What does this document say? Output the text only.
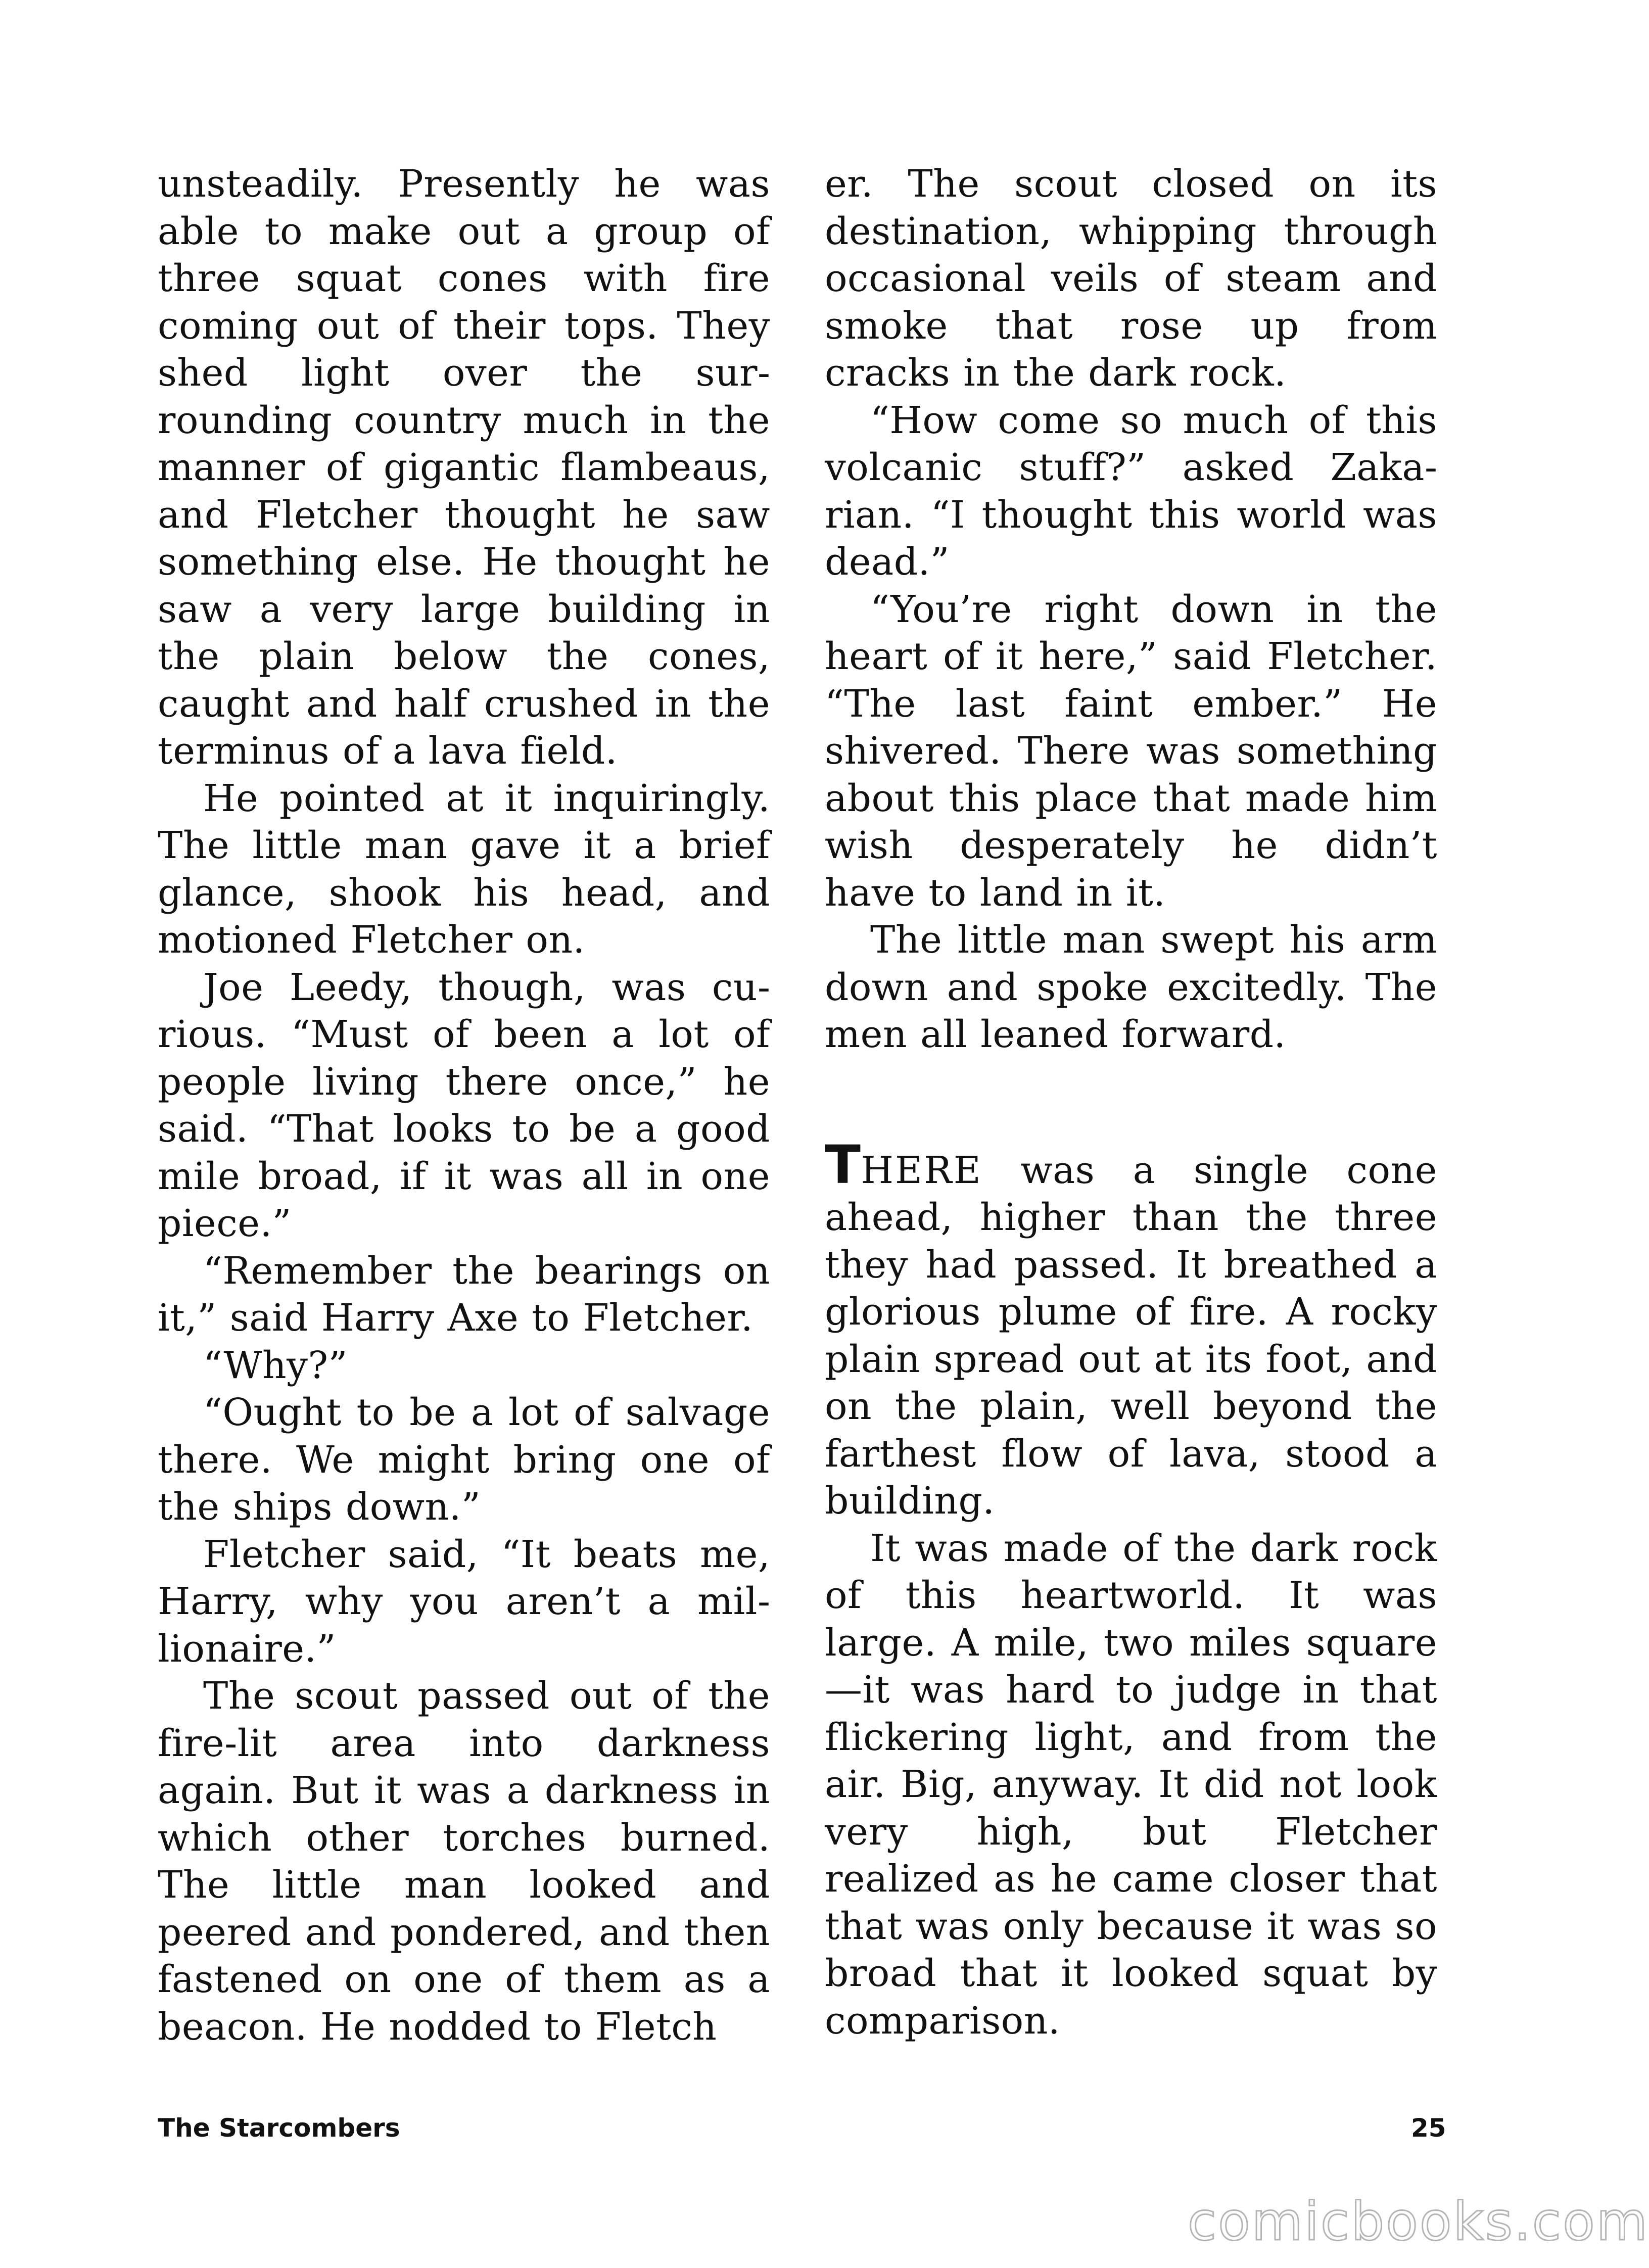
unsteadily. Presently he was able to make out a group of three squat cones with fire coming out of their tops. They shed light over the surrounding country much in the manner of gigantic flambeaus, and Fletcher thought he saw something else. He thought he saw a very large building in the plain below the cones, caught and half crushed in the terminus of a lava field.

He pointed at it inquiringly. The little man gave it a brief glance, shook his head, and motioned Fletcher on.

Joe Leedy, though, was curious. “Must of been a lot of people living there once,” he said. “That looks to be a good mile broad, if it was all in one piece.”

“Remember the bearings on it,” said Harry Axe to Fletcher.

“Why?”

“Ought to be a lot of salvage there. We might bring one of the ships down.”

Fletcher said, “It beats me, Harry, why you aren’t a millionaire.”

The scout passed out of the fire-lit area into darkness again. But it was a darkness in which other torches burned. The little man looked and peered and pondered, and then fastened on one of them as a beacon. He nodded to Fletch

er. The scout closed on its destination, whipping through occasional veils of steam and smoke that rose up from cracks in the dark rock.

“How come so much of this volcanic stuff?” asked Zakarian. “I thought this world was dead.”

“You’re right down in the heart of it here,” said Fletcher. “The last faint ember.” He shivered. There was something about this place that made him wish desperately he didn’t have to land in it.

The little man swept his arm down and spoke excitedly. The men all leaned forward.

THERE was a single cone ahead, higher than the three they had passed. It breathed a glorious plume of fire. A rocky plain spread out at its foot, and on the plain, well beyond the farthest flow of lava, stood a building.

It was made of the dark rock of this heartworld. It was large. A mile, two miles square—it was hard to judge in that flickering light, and from the air. Big, anyway. It did not look very high, but Fletcher realized as he came closer that that was only because it was so broad that it looked squat by comparison.

The Starcombers	25
comicbooks.com
